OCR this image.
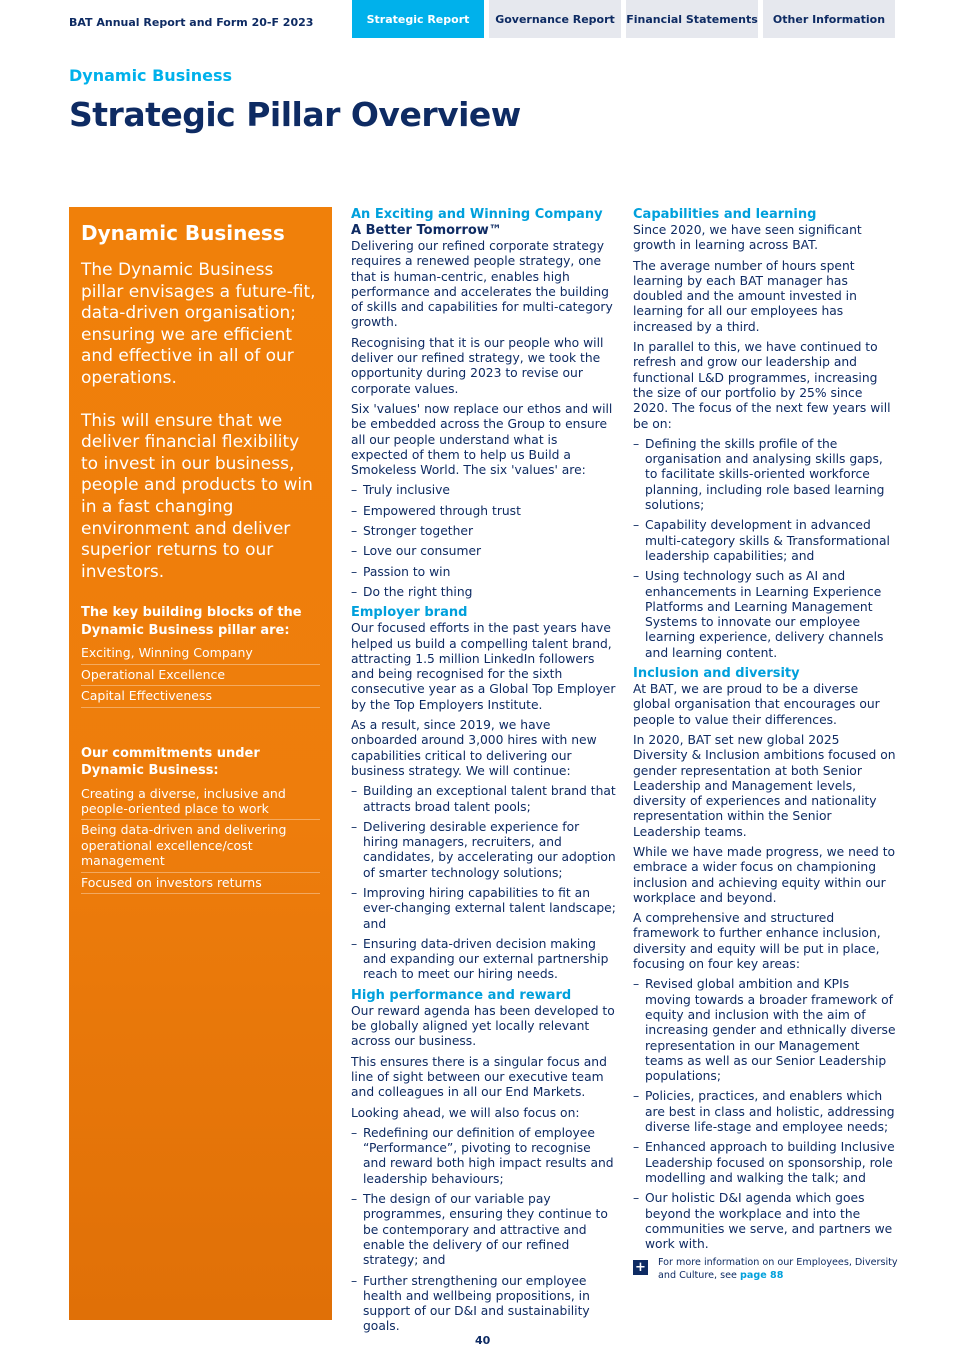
BAT Annual Report and Form 20-F 2023	Strategic Report	Governance Report	Financial Statements	Other Information
Dynamic Business
Strategic Pillar Overview
Dynamic Business

The Dynamic Business pillar envisages a future-fit, data-driven organisation; ensuring we are efficient and effective in all of our operations.

This will ensure that we deliver financial flexibility to invest in our business, people and products to win in a fast changing environment and deliver superior returns to our investors.

The key building blocks of the Dynamic Business pillar are:
Exciting, Winning Company
Operational Excellence
Capital Effectiveness
Our commitments under Dynamic Business:
Creating a diverse, inclusive and people-oriented place to work
Being data-driven and delivering operational excellence/cost management
Focused on investors returns
An Exciting and Winning Company
A Better Tomorrow™

Delivering our refined corporate strategy requires a renewed people strategy, one that is human-centric, enables high performance and accelerates the building of skills and capabilities for multi-category growth.

Recognising that it is our people who will deliver our refined strategy, we took the opportunity during 2023 to revise our corporate values.

Six 'values' now replace our ethos and will be embedded across the Group to ensure all our people understand what is expected of them to help us Build a Smokeless World. The six 'values' are:

– Truly inclusive
– Empowered through trust
– Stronger together
– Love our consumer
– Passion to win
– Do the right thing
Employer brand

Our focused efforts in the past years have helped us build a compelling talent brand, attracting 1.5 million LinkedIn followers and being recognised for the sixth consecutive year as a Global Top Employer by the Top Employers Institute.

As a result, since 2019, we have onboarded around 3,000 hires with new capabilities critical to delivering our business strategy. We will continue:

– Building an exceptional talent brand that attracts broad talent pools;
– Delivering desirable experience for hiring managers, recruiters, and candidates, by accelerating our adoption of smarter technology solutions;
– Improving hiring capabilities to fit an ever-changing external talent landscape; and
– Ensuring data-driven decision making and expanding our external partnership reach to meet our hiring needs.
High performance and reward

Our reward agenda has been developed to be globally aligned yet locally relevant across our business.

This ensures there is a singular focus and line of sight between our executive team and colleagues in all our End Markets.

Looking ahead, we will also focus on:

– Redefining our definition of employee “Performance”, pivoting to recognise and reward both high impact results and leadership behaviours;
– The design of our variable pay programmes, ensuring they continue to be contemporary and attractive and enable the delivery of our refined strategy; and
– Further strengthening our employee health and wellbeing propositions, in support of our D&I and sustainability goals.
Capabilities and learning

Since 2020, we have seen significant growth in learning across BAT.

The average number of hours spent learning by each BAT manager has doubled and the amount invested in learning for all our employees has increased by a third.

In parallel to this, we have continued to refresh and grow our leadership and functional L&D programmes, increasing the size of our portfolio by 25% since 2020. The focus of the next few years will be on:

– Defining the skills profile of the organisation and analysing skills gaps, to facilitate skills-oriented workforce planning, including role based learning solutions;
– Capability development in advanced multi-category skills & Transformational leadership capabilities; and
– Using technology such as AI and enhancements in Learning Experience Platforms and Learning Management Systems to innovate our employee learning experience, delivery channels and learning content.
Inclusion and diversity

At BAT, we are proud to be a diverse global organisation that encourages our people to value their differences.

In 2020, BAT set new global 2025 Diversity & Inclusion ambitions focused on gender representation at both Senior Leadership and Management levels, diversity of experiences and nationality representation within the Senior Leadership teams.

While we have made progress, we need to embrace a wider focus on championing inclusion and achieving equity within our workplace and beyond.

A comprehensive and structured framework to further enhance inclusion, diversity and equity will be put in place, focusing on four key areas:

– Revised global ambition and KPIs moving towards a broader framework of equity and inclusion with the aim of increasing gender and ethnically diverse representation in our Management teams as well as our Senior Leadership populations;
– Policies, practices, and enablers which are best in class and holistic, addressing diverse life-stage and employee needs;
– Enhanced approach to building Inclusive Leadership focused on sponsorship, role modelling and walking the talk; and
– Our holistic D&I agenda which goes beyond the workplace and into the communities we serve, and partners we work with.
+ For more information on our Employees, Diversity and Culture, see page 88
40
